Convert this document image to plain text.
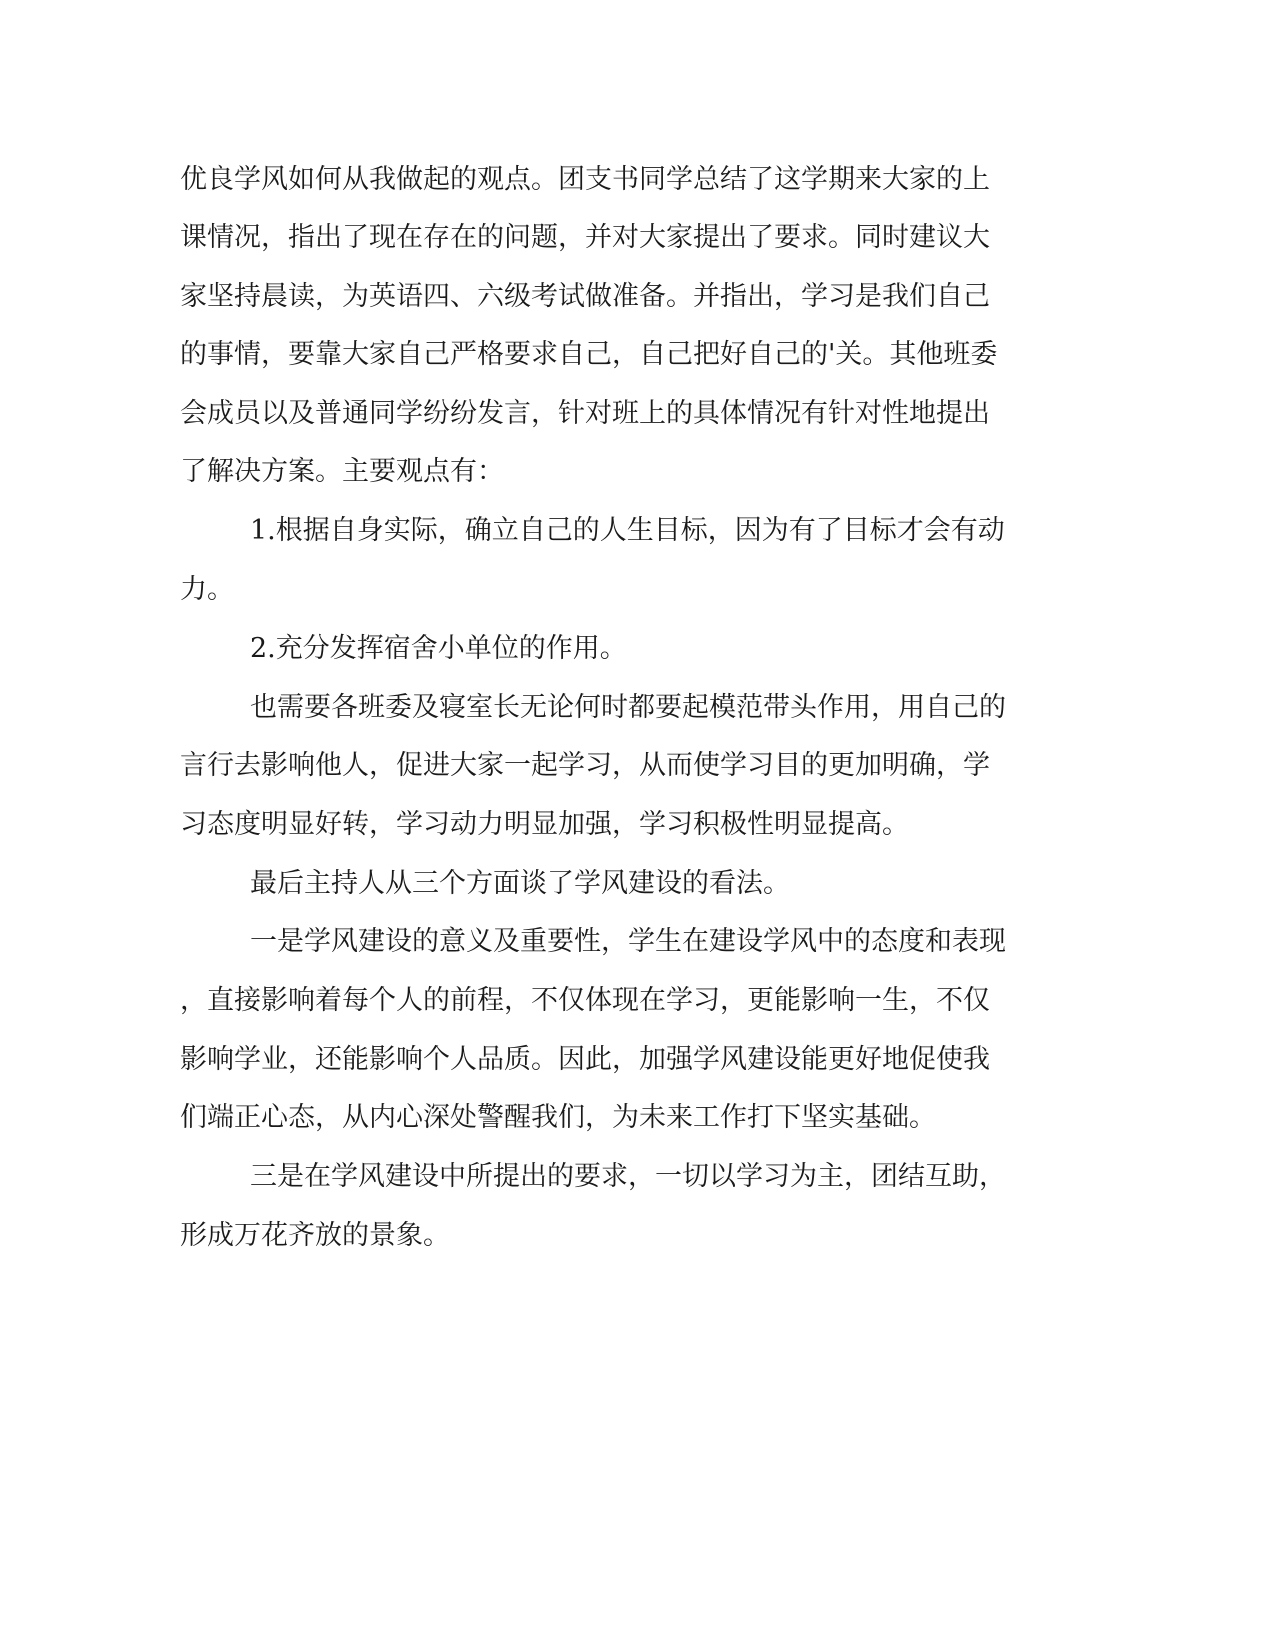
优良学风如何从我做起的观点。团支书同学总结了这学期来大家的上

课情况，指出了现在存在的问题，并对大家提出了要求。同时建议大

家坚持晨读，为英语四、六级考试做准备。并指出，学习是我们自己

的事情，要靠大家自己严格要求自己，自己把好自己的'关。其他班委

会成员以及普通同学纷纷发言，针对班上的具体情况有针对性地提出

了解决方案。主要观点有：

1.根据自身实际，确立自己的人生目标，因为有了目标才会有动

力。

2.充分发挥宿舍小单位的作用。

也需要各班委及寝室长无论何时都要起模范带头作用，用自己的

言行去影响他人，促进大家一起学习，从而使学习目的更加明确，学

习态度明显好转，学习动力明显加强，学习积极性明显提高。

最后主持人从三个方面谈了学风建设的看法。

一是学风建设的意义及重要性，学生在建设学风中的态度和表现

，直接影响着每个人的前程，不仅体现在学习，更能影响一生，不仅

影响学业，还能影响个人品质。因此，加强学风建设能更好地促使我

们端正心态，从内心深处警醒我们，为未来工作打下坚实基础。

三是在学风建设中所提出的要求，一切以学习为主，团结互助，

形成万花齐放的景象。
